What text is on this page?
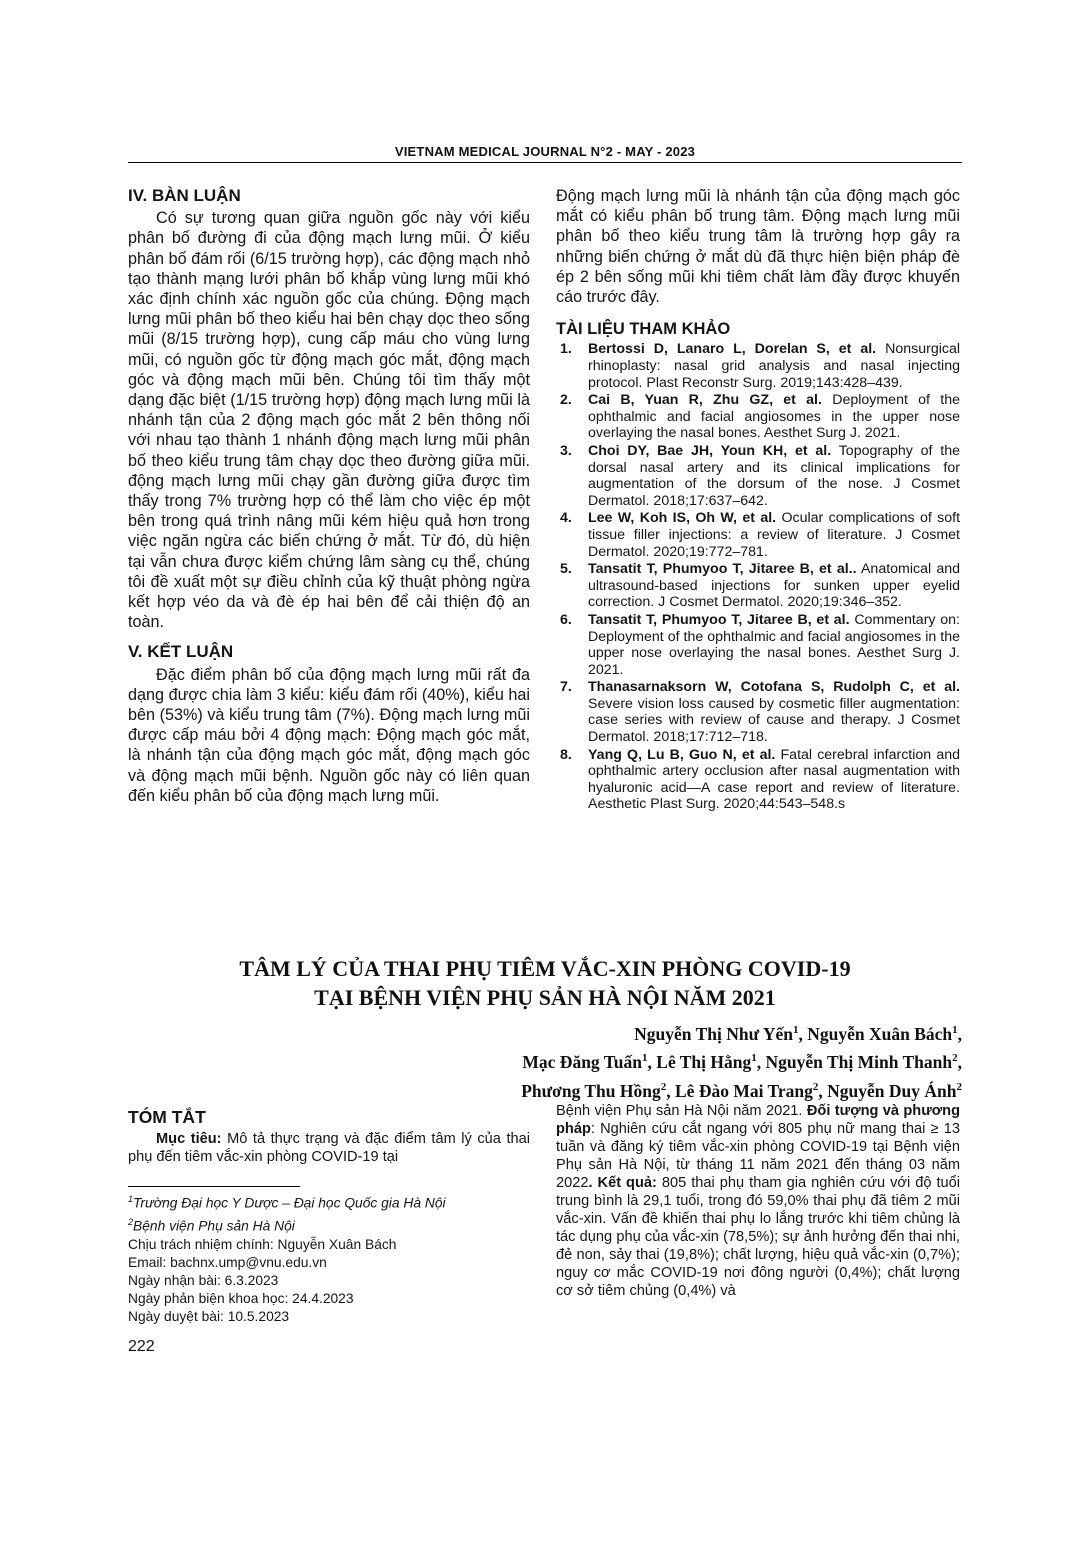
VIETNAM MEDICAL JOURNAL N°2 - MAY - 2023
IV. BÀN LUẬN

Có sự tương quan giữa nguồn gốc này với kiểu phân bố đường đi của động mạch lưng mũi. Ở kiểu phân bố đám rối (6/15 trường hợp), các động mạch nhỏ tạo thành mạng lưới phân bố khắp vùng lưng mũi khó xác định chính xác nguồn gốc của chúng. Động mạch lưng mũi phân bố theo kiểu hai bên chạy dọc theo sống mũi (8/15 trường hợp), cung cấp máu cho vùng lưng mũi, có nguồn gốc từ động mạch góc mắt, động mạch góc và động mạch mũi bên. Chúng tôi tìm thấy một dạng đặc biệt (1/15 trường hợp) động mạch lưng mũi là nhánh tận của 2 động mạch góc mắt 2 bên thông nối với nhau tạo thành 1 nhánh động mạch lưng mũi phân bố theo kiểu trung tâm chạy dọc theo đường giữa mũi. động mạch lưng mũi chạy gần đường giữa được tìm thấy trong 7% trường hợp có thể làm cho việc ép một bên trong quá trình nâng mũi kém hiệu quả hơn trong việc ngăn ngừa các biến chứng ở mắt. Từ đó, dù hiện tại vẫn chưa được kiểm chứng lâm sàng cụ thể, chúng tôi đề xuất một sự điều chỉnh của kỹ thuật phòng ngừa kết hợp véo da và đè ép hai bên để cải thiện độ an toàn.

V. KẾT LUẬN

Đặc điểm phân bố của động mạch lưng mũi rất đa dạng được chia làm 3 kiểu: kiểu đám rối (40%), kiểu hai bên (53%) và kiểu trung tâm (7%). Động mạch lưng mũi được cấp máu bởi 4 động mạch: Động mạch góc mắt, là nhánh tận của động mạch góc mắt, động mạch góc và động mạch mũi bệnh. Nguồn gốc này có liên quan đến kiểu phân bố của động mạch lưng mũi.

Động mạch lưng mũi là nhánh tận của động mạch góc mắt có kiểu phân bố trung tâm. Động mạch lưng mũi phân bố theo kiểu trung tâm là trường hợp gây ra những biến chứng ở mắt dù đã thực hiện biện pháp đè ép 2 bên sống mũi khi tiêm chất làm đầy được khuyến cáo trước đây.

TÀI LIỆU THAM KHẢO
1. Bertossi D, Lanaro L, Dorelan S, et al. Nonsurgical rhinoplasty: nasal grid analysis and nasal injecting protocol. Plast Reconstr Surg. 2019;143:428–439.
2. Cai B, Yuan R, Zhu GZ, et al. Deployment of the ophthalmic and facial angiosomes in the upper nose overlaying the nasal bones. Aesthet Surg J. 2021.
3. Choi DY, Bae JH, Youn KH, et al. Topography of the dorsal nasal artery and its clinical implications for augmentation of the dorsum of the nose. J Cosmet Dermatol. 2018;17:637–642.
4. Lee W, Koh IS, Oh W, et al. Ocular complications of soft tissue filler injections: a review of literature. J Cosmet Dermatol. 2020;19:772–781.
5. Tansatit T, Phumyoo T, Jitaree B, et al.. Anatomical and ultrasound-based injections for sunken upper eyelid correction. J Cosmet Dermatol. 2020;19:346–352.
6. Tansatit T, Phumyoo T, Jitaree B, et al. Commentary on: Deployment of the ophthalmic and facial angiosomes in the upper nose overlaying the nasal bones. Aesthet Surg J. 2021.
7. Thanasarnaksorn W, Cotofana S, Rudolph C, et al. Severe vision loss caused by cosmetic filler augmentation: case series with review of cause and therapy. J Cosmet Dermatol. 2018;17:712–718.
8. Yang Q, Lu B, Guo N, et al. Fatal cerebral infarction and ophthalmic artery occlusion after nasal augmentation with hyaluronic acid—A case report and review of literature. Aesthetic Plast Surg. 2020;44:543–548.s
TÂM LÝ CỦA THAI PHỤ TIÊM VẮC-XIN PHÒNG COVID-19
TẠI BỆNH VIỆN PHỤ SẢN HÀ NỘI NĂM 2021
Nguyễn Thị Như Yến$^1$, Nguyễn Xuân Bách$^1$,
Mạc Đăng Tuấn$^1$, Lê Thị Hằng$^1$, Nguyễn Thị Minh Thanh$^2$,
Phương Thu Hồng$^2$, Lê Đào Mai Trang$^2$, Nguyễn Duy Ánh$^2$
TÓM TẮT

Mục tiêu: Mô tả thực trạng và đặc điểm tâm lý của thai phụ đến tiêm vắc-xin phòng COVID-19 tại

$^1$Trường Đại học Y Dược – Đại học Quốc gia Hà Nội
$^2$Bệnh viện Phụ sản Hà Nội
Chịu trách nhiệm chính: Nguyễn Xuân Bách
Email: bachnx.ump@vnu.edu.vn
Ngày nhận bài: 6.3.2023
Ngày phản biện khoa học: 24.4.2023
Ngày duyệt bài: 10.5.2023

Bệnh viện Phụ sản Hà Nội năm 2021. Đối tượng và phương pháp: Nghiên cứu cắt ngang với 805 phụ nữ mang thai ≥ 13 tuần và đăng ký tiêm vắc-xin phòng COVID-19 tại Bệnh viện Phụ sản Hà Nội, từ tháng 11 năm 2021 đến tháng 03 năm 2022. Kết quả: 805 thai phụ tham gia nghiên cứu với độ tuổi trung bình là 29,1 tuổi, trong đó 59,0% thai phụ đã tiêm 2 mũi vắc-xin. Vấn đề khiến thai phụ lo lắng trước khi tiêm chủng là tác dụng phụ của vắc-xin (78,5%); sự ảnh hưởng đến thai nhi, đẻ non, sảy thai (19,8%); chất lượng, hiệu quả vắc-xin (0,7%); nguy cơ mắc COVID-19 nơi đông người (0,4%); chất lượng cơ sở tiêm chủng (0,4%) và

222
